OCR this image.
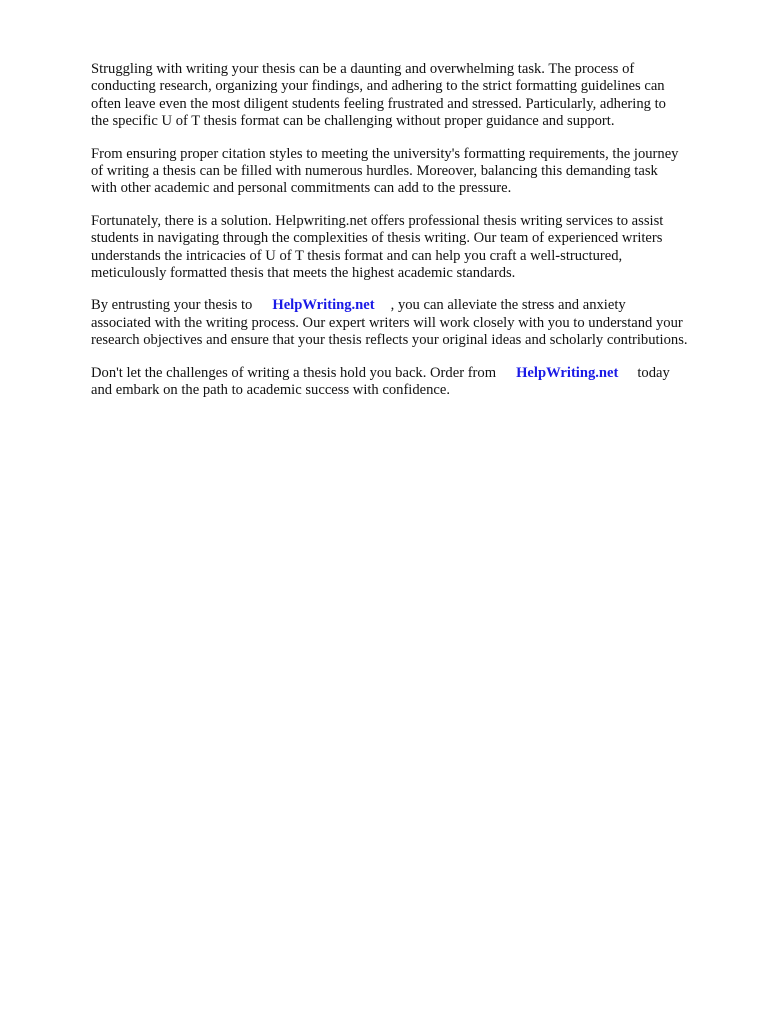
Struggling with writing your thesis can be a daunting and overwhelming task. The process of
conducting research, organizing your findings, and adhering to the strict formatting guidelines can
often leave even the most diligent students feeling frustrated and stressed. Particularly, adhering to
the specific U of T thesis format can be challenging without proper guidance and support.

From ensuring proper citation styles to meeting the university's formatting requirements, the journey
of writing a thesis can be filled with numerous hurdles. Moreover, balancing this demanding task
with other academic and personal commitments can add to the pressure.

Fortunately, there is a solution. Helpwriting.net offers professional thesis writing services to assist
students in navigating through the complexities of thesis writing. Our team of experienced writers
understands the intricacies of U of T thesis format and can help you craft a well-structured,
meticulously formatted thesis that meets the highest academic standards.

By entrusting your thesis to HelpWriting.net , you can alleviate the stress and anxiety
associated with the writing process. Our expert writers will work closely with you to understand your
research objectives and ensure that your thesis reflects your original ideas and scholarly contributions.

Don't let the challenges of writing a thesis hold you back. Order from HelpWriting.net today
and embark on the path to academic success with confidence.
